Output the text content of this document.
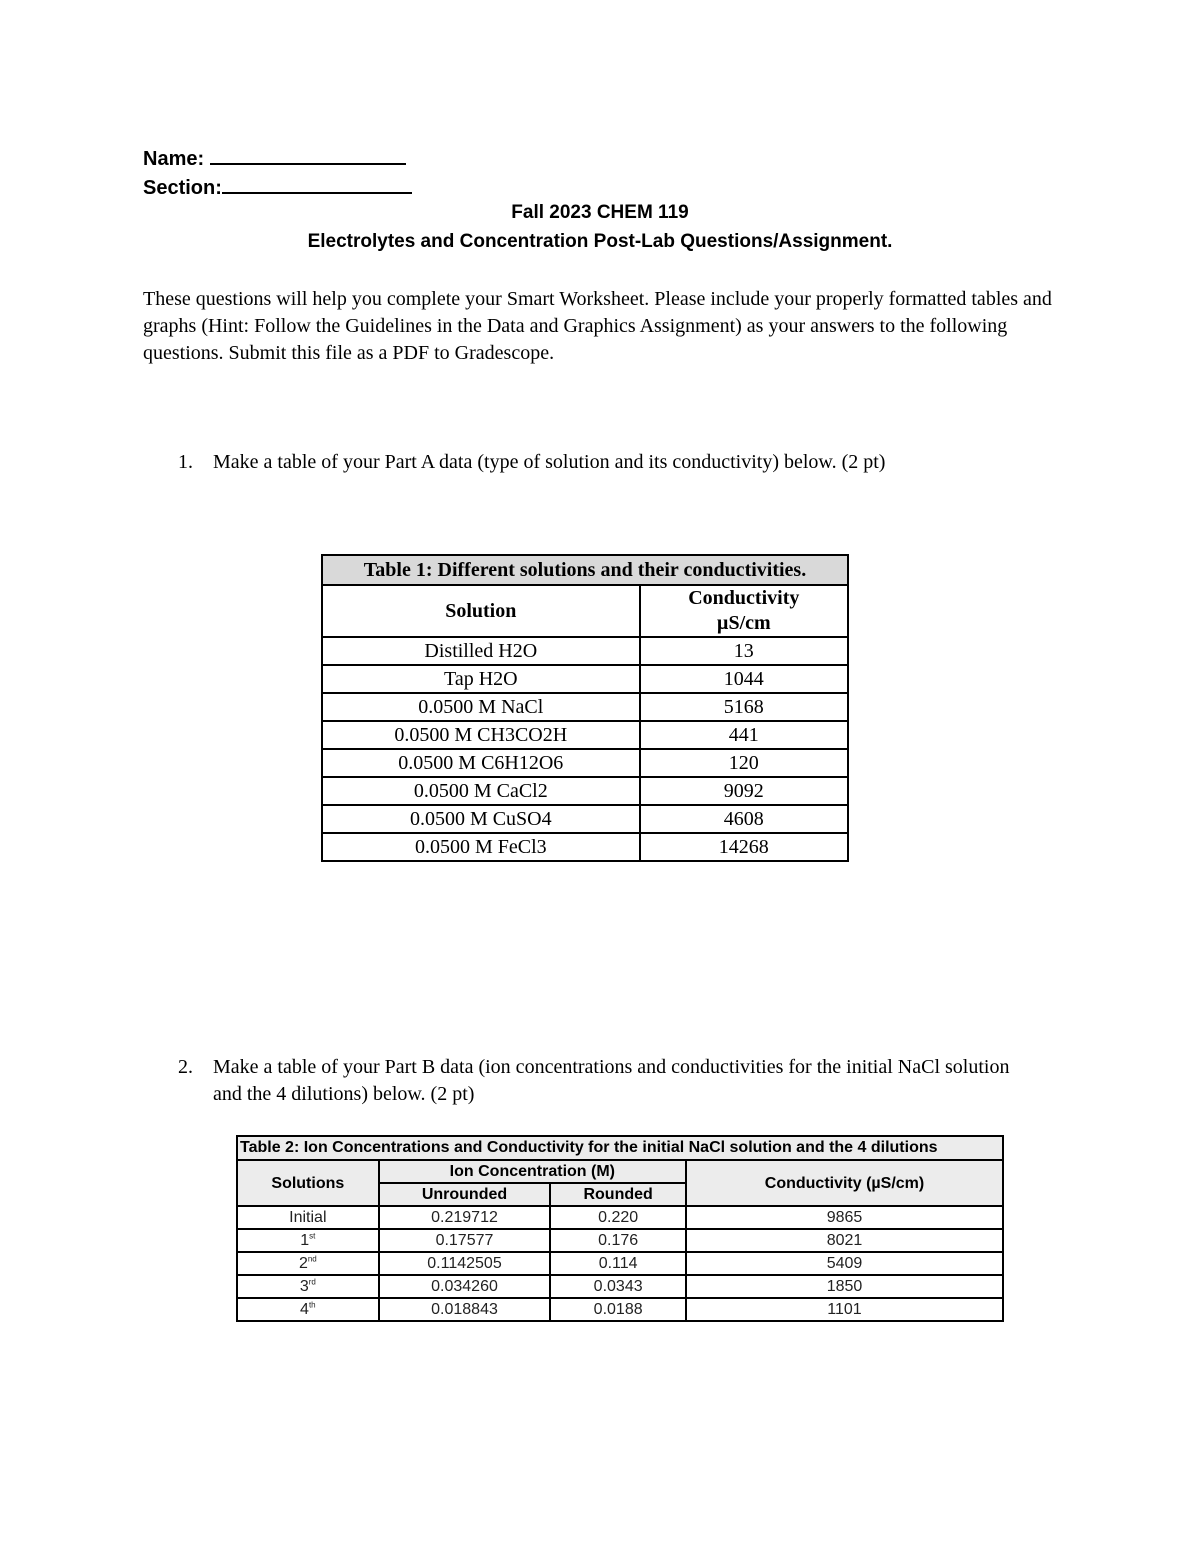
Name:
Section:
Fall 2023 CHEM 119
Electrolytes and Concentration Post-Lab Questions/Assignment.
These questions will help you complete your Smart Worksheet. Please include your properly formatted tables and graphs (Hint: Follow the Guidelines in the Data and Graphics Assignment) as your answers to the following questions. Submit this file as a PDF to Gradescope.
1. Make a table of your Part A data (type of solution and its conductivity) below. (2 pt)
Table 1: Different solutions and their conductivities.	
Solution	Conductivity
µS/cm
Distilled H2O	13
Tap H2O	1044
0.0500 M NaCl	5168
0.0500 M CH3CO2H	441
0.0500 M C6H12O6	120
0.0500 M CaCl2	9092
0.0500 M CuSO4	4608
0.0500 M FeCl3	14268
2. Make a table of your Part B data (ion concentrations and conductivities for the initial NaCl solution and the 4 dilutions) below. (2 pt)
Table 2: Ion Concentrations and Conductivity for the initial NaCl solution and the 4 dilutions			
Solutions	Ion Concentration (M)		Conductivity (µS/cm)
	Unrounded	Rounded	
Initial	0.219712	0.220	9865
1st	0.17577	0.176	8021
2nd	0.1142505	0.114	5409
3rd	0.034260	0.0343	1850
4th	0.018843	0.0188	1101
